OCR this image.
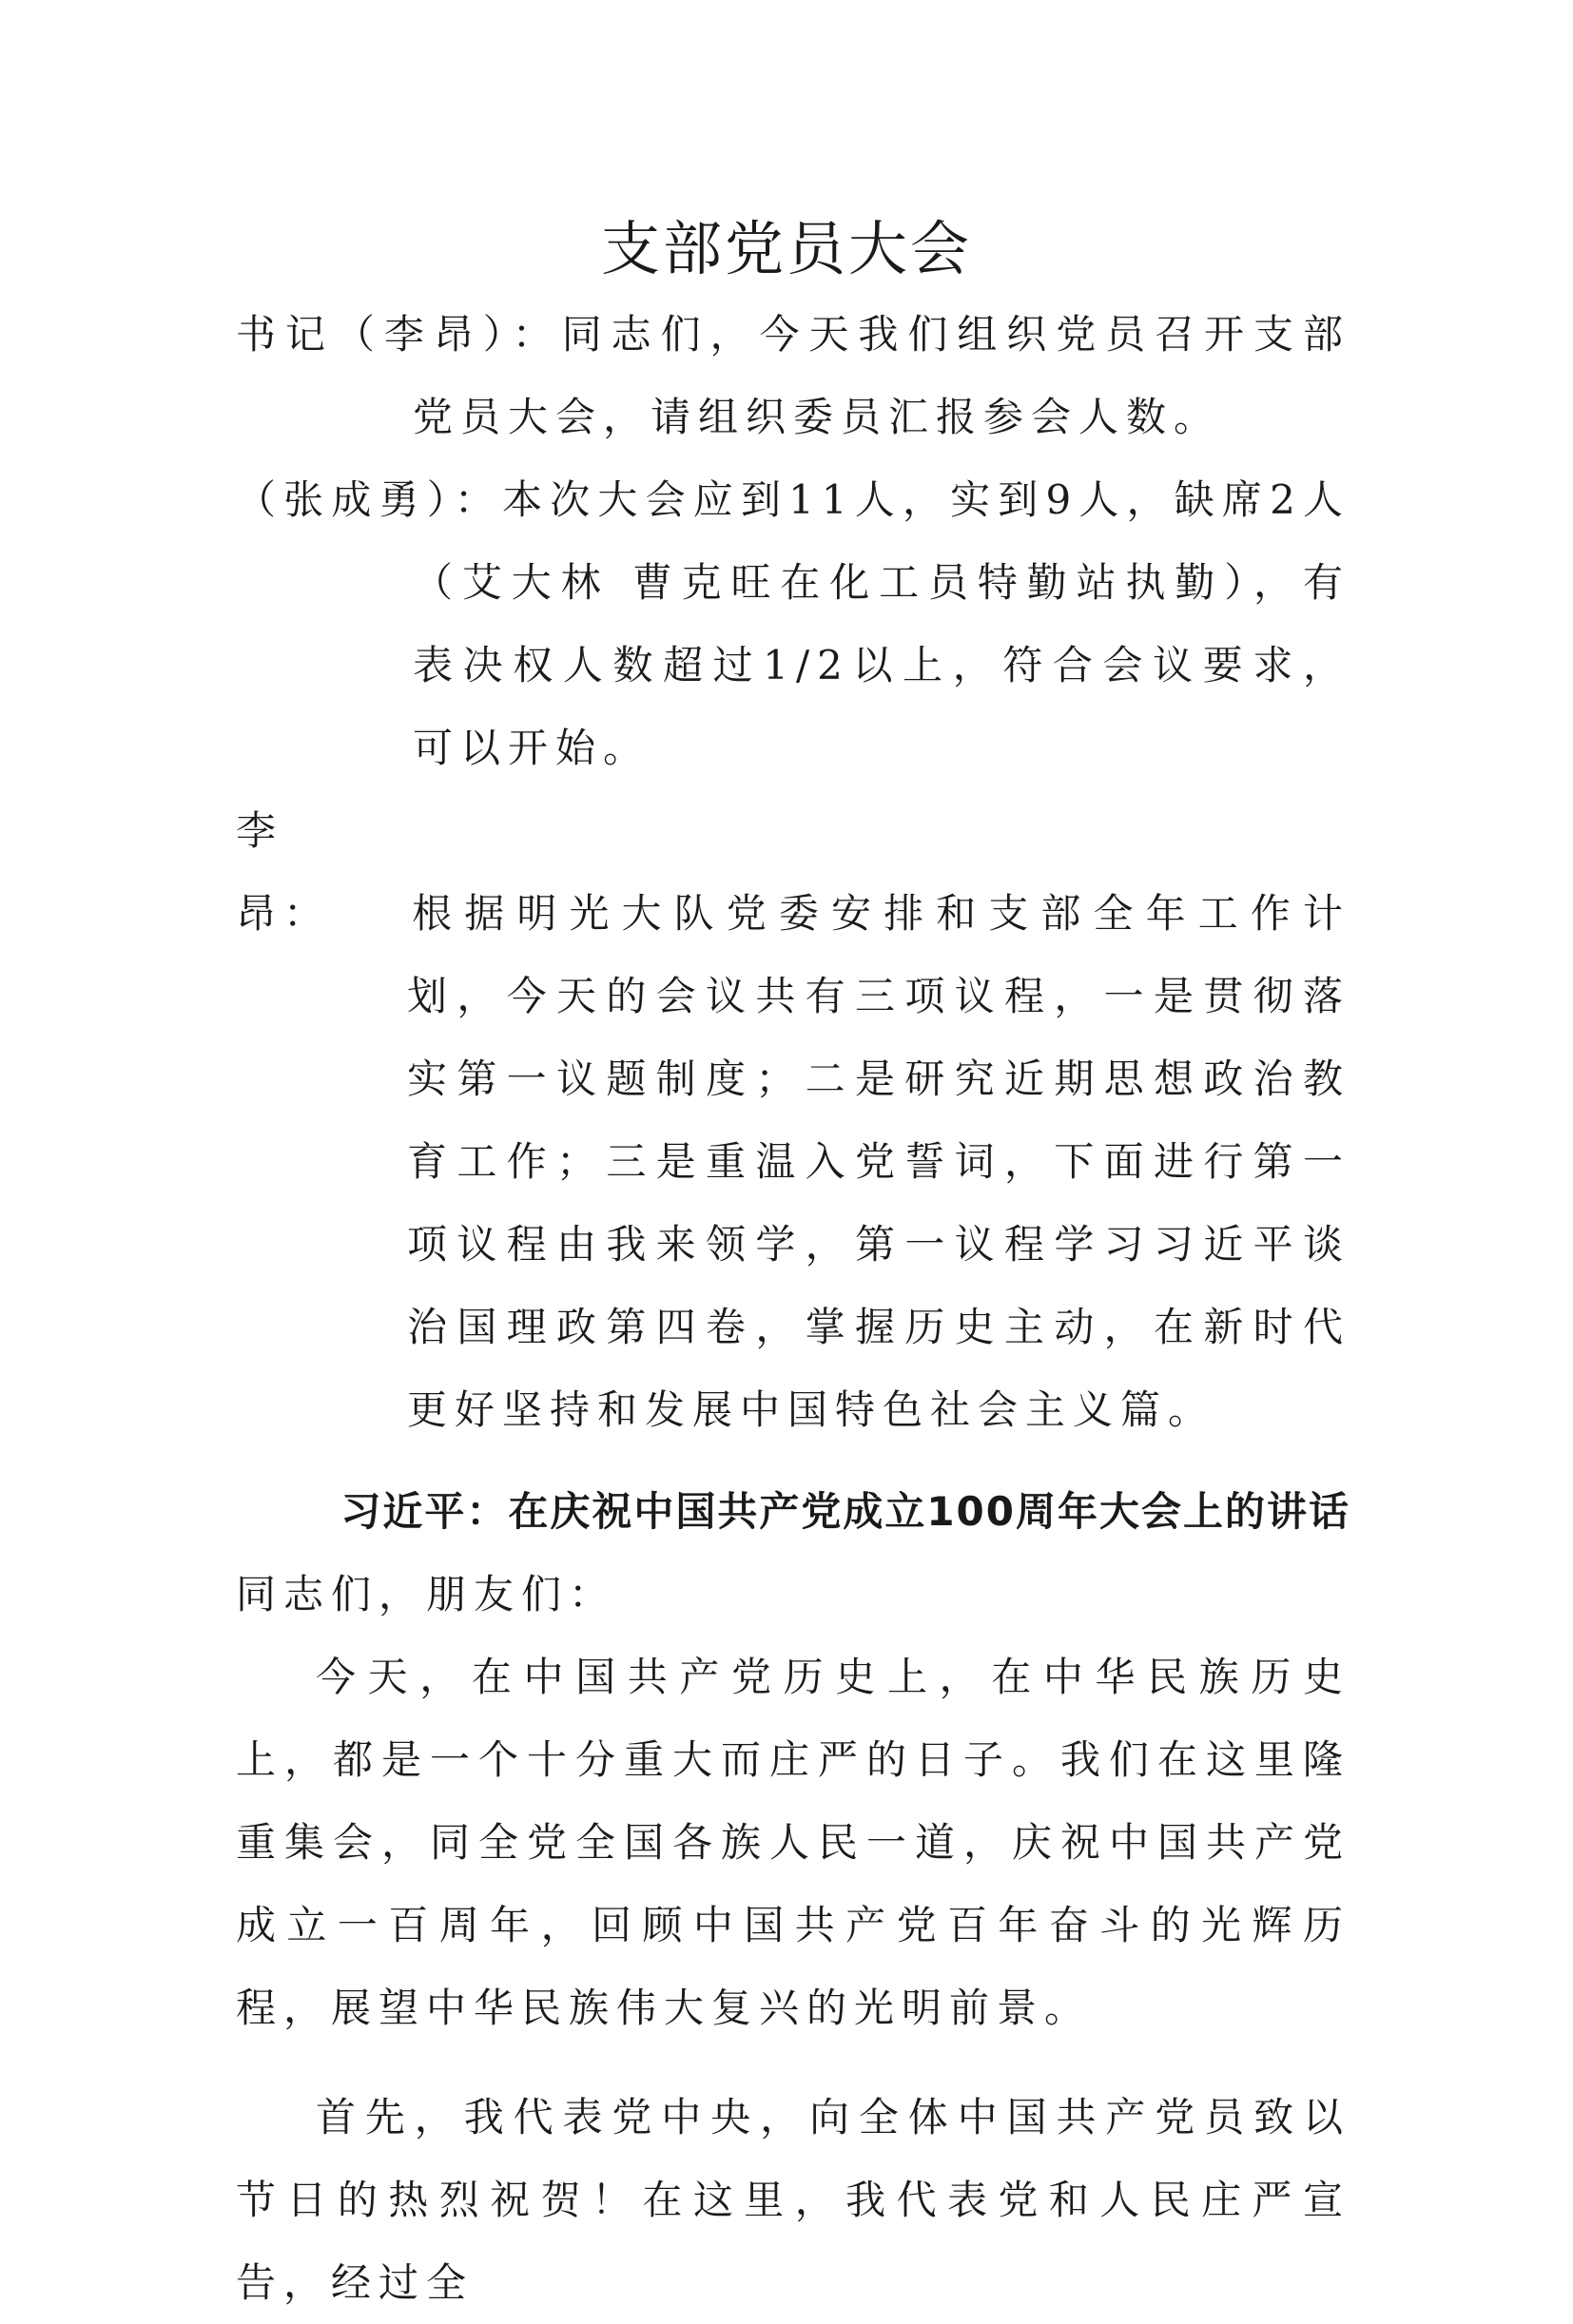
支部党员大会
书记（李昂）：同志们，今天我们组织党员召开支部党员大会，请组织委员汇报参会人数。
（张成勇）：本次大会应到11人，实到9人，缺席2人（艾大林 曹克旺在化工员特勤站执勤），有表决权人数超过1/2以上，符合会议要求，可以开始。
李　昂： 根据明光大队党委安排和支部全年工作计划，今天的会议共有三项议程，一是贯彻落实第一议题制度；二是研究近期思想政治教育工作；三是重温入党誓词，下面进行第一项议程由我来领学，第一议程学习习近平谈治国理政第四卷，掌握历史主动，在新时代更好坚持和发展中国特色社会主义篇。
习近平：在庆祝中国共产党成立100周年大会上的讲话

同志们，朋友们：

今天，在中国共产党历史上，在中华民族历史上，都是一个十分重大而庄严的日子。我们在这里隆重集会，同全党全国各族人民一道，庆祝中国共产党成立一百周年，回顾中国共产党百年奋斗的光辉历程，展望中华民族伟大复兴的光明前景。

首先，我代表党中央，向全体中国共产党员致以节日的热烈祝贺！在这里，我代表党和人民庄严宣告，经过全
